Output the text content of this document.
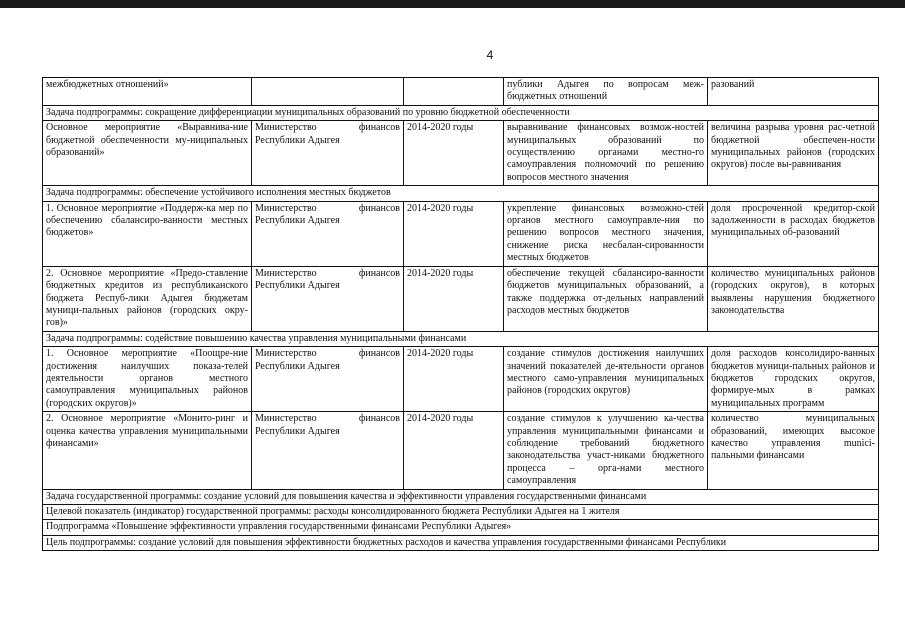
4
межбюджетных отношений»			публики Адыгея по вопросам меж-бюджетных отношений	разований
Задача подпрограммы: сокращение дифференциации муниципальных образований по уровню бюджетной обеспеченности				
Основное мероприятие «Выравнива-ние бюджетной обеспеченности му-ниципальных образований»	Министерство финансов Республики Адыгея	2014-2020 годы	выравнивание финансовых возмож-ностей муниципальных образований по осуществлению органами местно-го самоуправления полномочий по решению вопросов местного значения	величина разрыва уровня рас-четной бюджетной обеспечен-ности муниципальных районов (городских округов) после вы-равнивания
Задача подпрограммы: обеспечение устойчивого исполнения местных бюджетов				
1. Основное мероприятие «Поддерж-ка мер по обеспечению сбалансиро-ванности местных бюджетов»	Министерство финансов Республики Адыгея	2014-2020 годы	укрепление финансовых возможно-стей органов местного самоуправле-ния по решению вопросов местного значения, снижение риска несбалан-сированности местных бюджетов	доля просроченной кредитор-ской задолженности в расходах бюджетов муниципальных об-разований
2. Основное мероприятие «Предо-ставление бюджетных кредитов из республиканского бюджета Респуб-лики Адыгея бюджетам муници-пальных районов (городских окру-гов)»	Министерство финансов Республики Адыгея	2014-2020 годы	обеспечение текущей сбалансиро-ванности бюджетов муниципальных образований, а также поддержка от-дельных направлений расходов местных бюджетов	количество муниципальных районов (городских округов), в которых выявлены нарушения бюджетного законодательства
Задача подпрограммы: содействие повышению качества управления муниципальными финансами				
1. Основное мероприятие «Поощре-ние достижения наилучших показа-телей деятельности органов местного самоуправления муниципальных районов (городских округов)»	Министерство финансов Республики Адыгея	2014-2020 годы	создание стимулов достижения наилучших значений показателей де-ятельности органов местного само-управления муниципальных районов (городских округов)	доля расходов консолидиро-ванных бюджетов муници-пальных районов и бюджетов городских округов, формируе-мых в рамках муниципальных программ
2. Основное мероприятие «Монито-ринг и оценка качества управления муниципальными финансами»	Министерство финансов Республики Адыгея	2014-2020 годы	создание стимулов к улучшению ка-чества управления муниципальными финансами и соблюдение требований бюджетного законодательства участ-никами бюджетного процесса – орга-нами местного самоуправления	количество муниципальных образований, имеющих высокое качество управления munici-пальными финансами
Задача государственной программы: создание условий для повышения качества и эффективности управления государственными финансами				
Целевой показатель (индикатор) государственной программы: расходы консолидированного бюджета Республики Адыгея на 1 жителя				
Подпрограмма «Повышение эффективности управления государственными финансами Республики Адыгея»				
Цель подпрограммы: создание условий для повышения эффективности бюджетных расходов и качества управления государственными финансами Республики				
